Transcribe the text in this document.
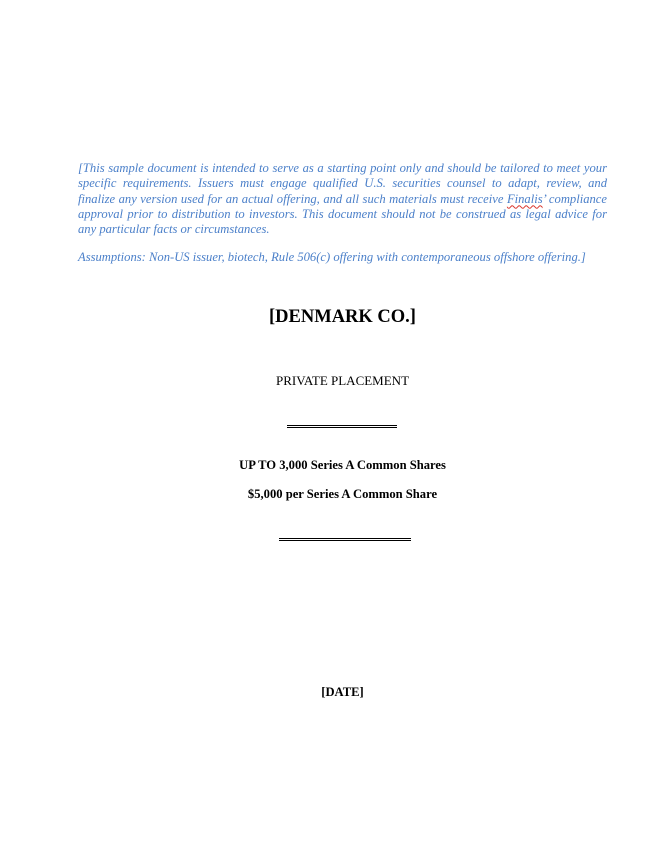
[This sample document is intended to serve as a starting point only and should be tailored to meet your specific requirements. Issuers must engage qualified U.S. securities counsel to adapt, review, and finalize any version used for an actual offering, and all such materials must receive Finalis’ compliance approval prior to distribution to investors. This document should not be construed as legal advice for any particular facts or circumstances.

Assumptions: Non-US issuer, biotech, Rule 506(c) offering with contemporaneous offshore offering.]

[DENMARK CO.]

PRIVATE PLACEMENT

UP TO 3,000 Series A Common Shares

$5,000 per Series A Common Share

[DATE]
